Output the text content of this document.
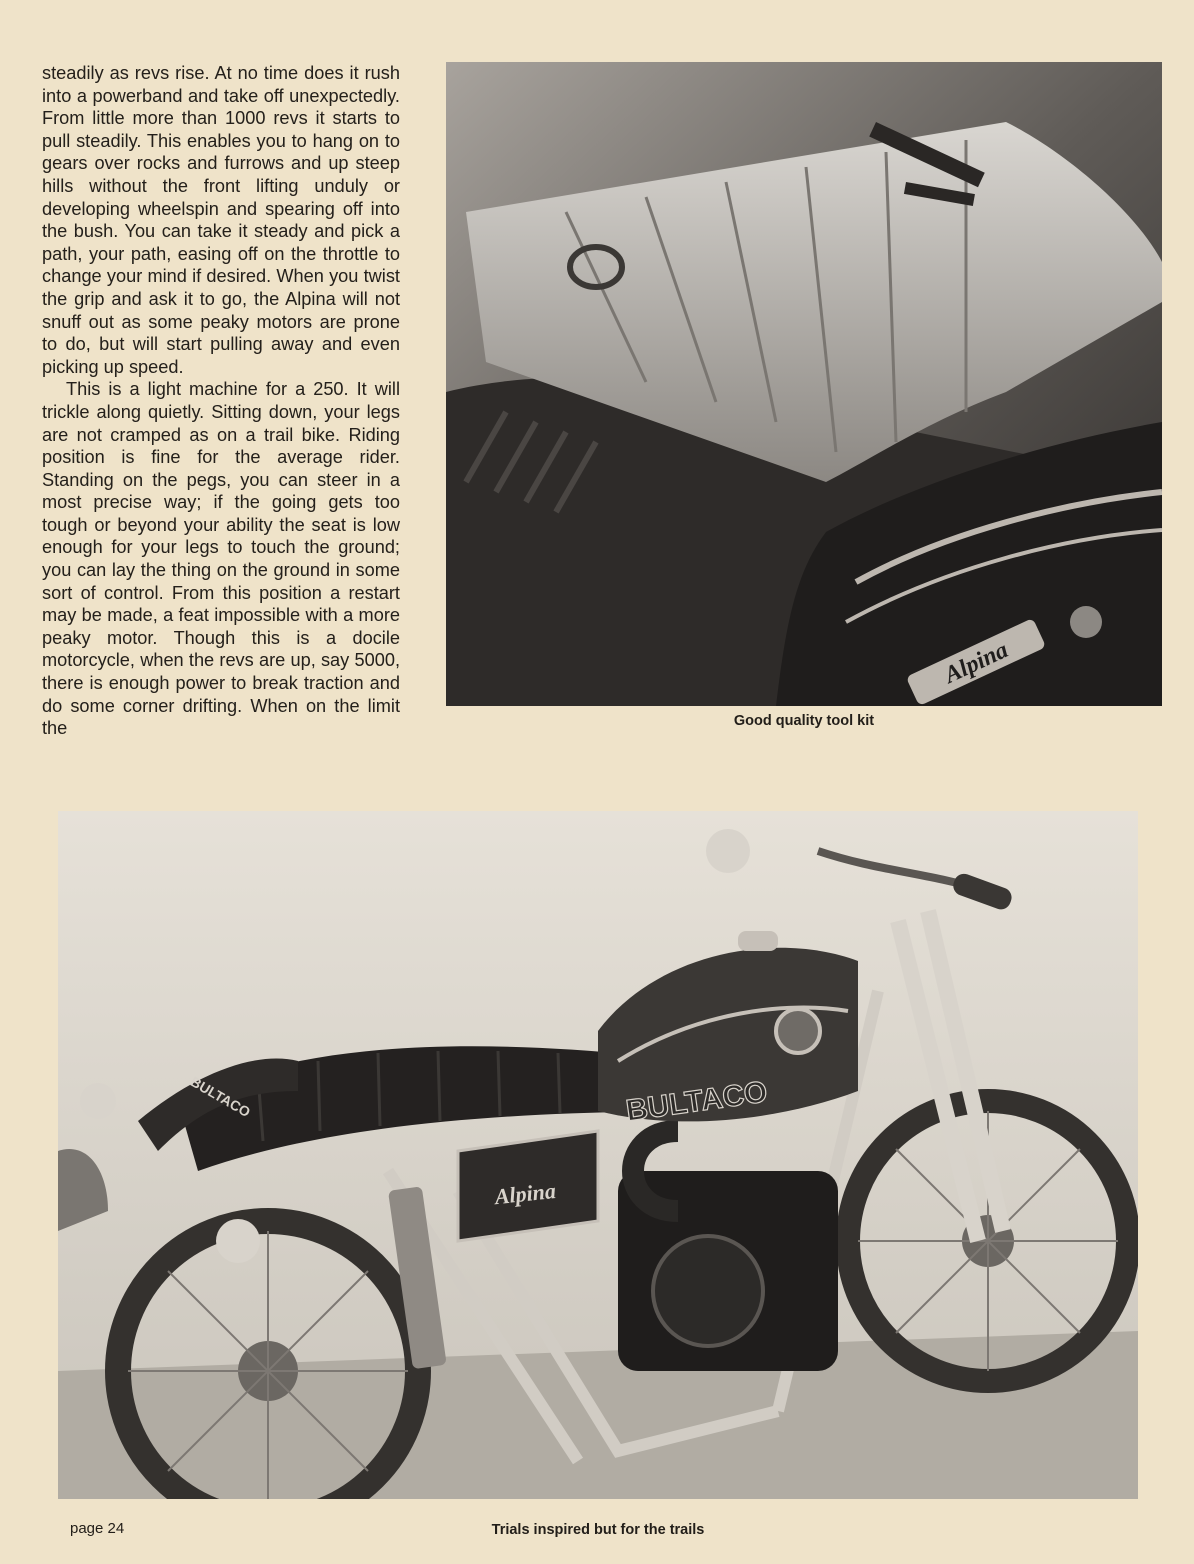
steadily as revs rise. At no time does it rush into a powerband and take off unexpectedly. From little more than 1000 revs it starts to pull steadily. This enables you to hang on to gears over rocks and furrows and up steep hills without the front lifting unduly or developing wheelspin and spearing off into the bush. You can take it steady and pick a path, your path, easing off on the throttle to change your mind if desired. When you twist the grip and ask it to go, the Alpina will not snuff out as some peaky motors are prone to do, but will start pulling away and even picking up speed.

This is a light machine for a 250. It will trickle along quietly. Sitting down, your legs are not cramped as on a trail bike. Riding position is fine for the average rider. Standing on the pegs, you can steer in a most precise way; if the going gets too tough or beyond your ability the seat is low enough for your legs to touch the ground; you can lay the thing on the ground in some sort of control. From this position a restart may be made, a feat impossible with a more peaky motor. Though this is a docile motorcycle, when the revs are up, say 5000, there is enough power to break traction and do some corner drifting. When on the limit the

Alpina
Good quality tool kit
BULTACO
Alpina
BULTACO
Trials inspired but for the trails
page 24
